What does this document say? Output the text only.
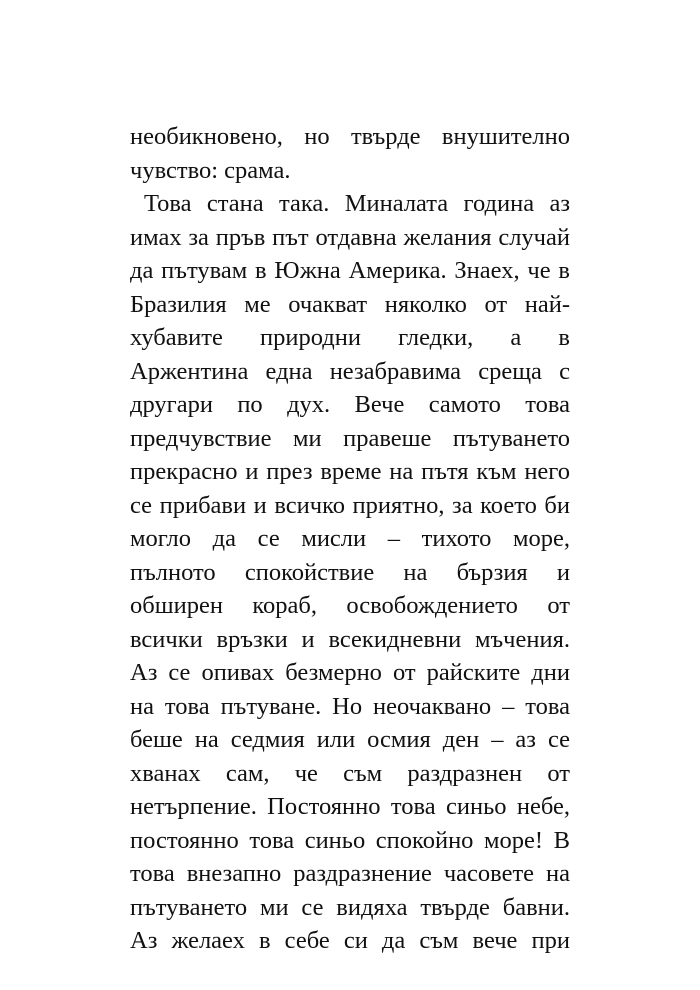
необикновено, но твърде внушително
чувство: срама.
Това стана така. Миналата година аз
имах за пръв път отдавна желания случай
да пътувам в Южна Америка. Знаех, че в
Бразилия ме очакват няколко от най-
хубавите природни гледки, а в
Аржентина една незабравима среща с
другари по дух. Вече самото това
предчувствие ми правеше пътуването
прекрасно и през време на пътя към него
се прибави и всичко приятно, за което би
могло да се мисли – тихото море,
пълното спокойствие на бързия и
обширен кораб, освобождението от
всички връзки и всекидневни мъчения.
Аз се опивах безмерно от райските дни
на това пътуване. Но неочаквано – това
беше на седмия или осмия ден – аз се
хванах сам, че съм раздразнен от
нетърпение. Постоянно това синьо небе,
постоянно това синьо спокойно море! В
това внезапно раздразнение часовете на
пътуването ми се видяха твърде бавни.
Аз желаех в себе си да съм вече при
